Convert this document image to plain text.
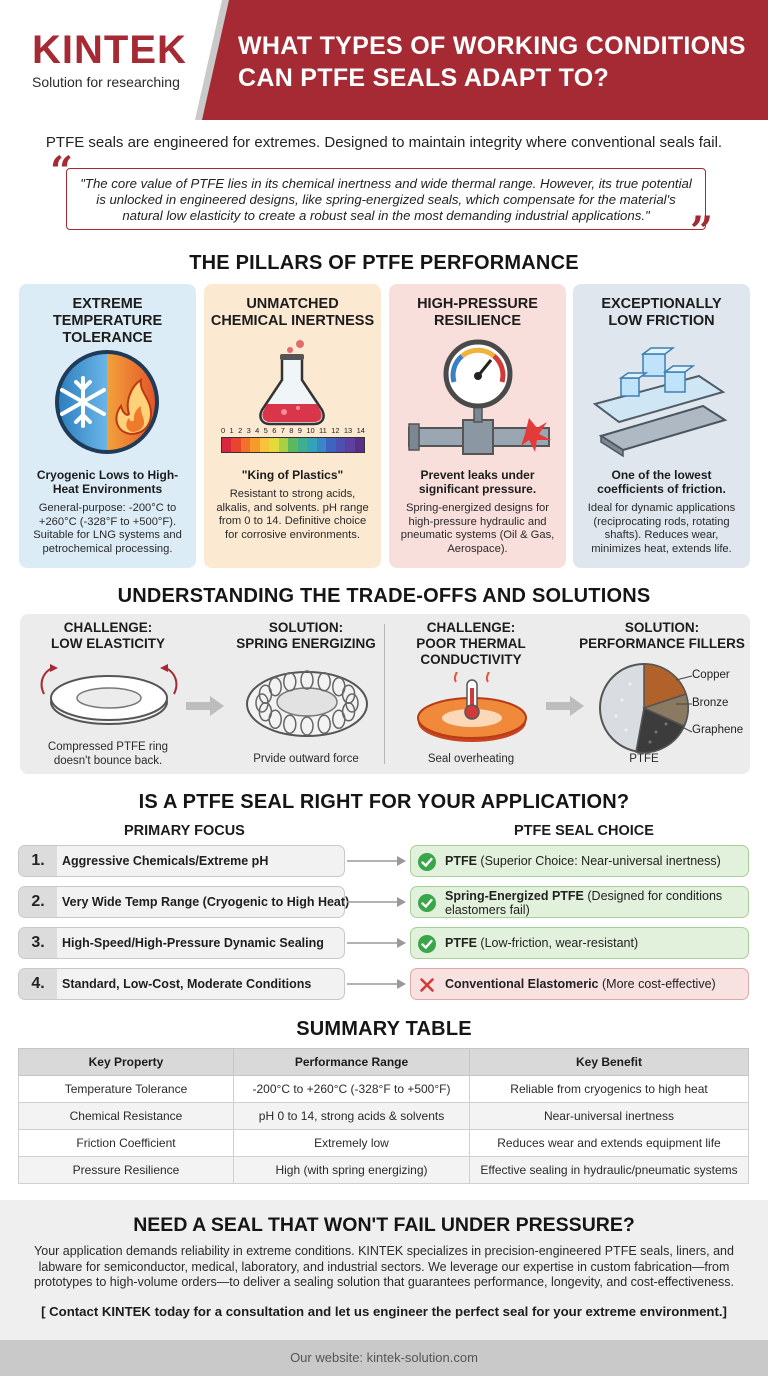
KINTEK
Solution for researching
WHAT TYPES OF WORKING CONDITIONS
CAN PTFE SEALS ADAPT TO?
PTFE seals are engineered for extremes. Designed to maintain integrity where conventional seals fail.
“
”
"The core value of PTFE lies in its chemical inertness and wide thermal range. However, its true potential
is unlocked in engineered designs, like spring-energized seals, which compensate for the material's
natural low elasticity to create a robust seal in the most demanding industrial applications."
THE PILLARS OF PTFE PERFORMANCE
EXTREME TEMPERATURE
TOLERANCE
Cryogenic Lows to High-Heat Environments
General-purpose: -200°C to +260°C (-328°F to +500°F). Suitable for LNG systems and petrochemical processing.
UNMATCHED
CHEMICAL INERTNESS
0 1 2 3 4 5 6 7 8 9 10 11 12 13 14
"King of Plastics"
Resistant to strong acids, alkalis, and solvents. pH range from 0 to 14. Definitive choice for corrosive environments.
HIGH-PRESSURE
RESILIENCE
Prevent leaks under significant pressure.
Spring-energized designs for high-pressure hydraulic and pneumatic systems (Oil & Gas, Aerospace).
EXCEPTIONALLY
LOW FRICTION
One of the lowest coefficients of friction.
Ideal for dynamic applications (reciprocating rods, rotating shafts). Reduces wear, minimizes heat, extends life.
UNDERSTANDING THE TRADE-OFFS AND SOLUTIONS
CHALLENGE:
LOW ELASTICITY
Compressed PTFE ring
doesn't bounce back.
SOLUTION:
SPRING ENERGIZING
Prvide outward force
CHALLENGE:
POOR THERMAL
CONDUCTIVITY
Seal overheating
SOLUTION:
PERFORMANCE FILLERS
Copper
Bronze
Graphene
PTFE
IS A PTFE SEAL RIGHT FOR YOUR APPLICATION?
PRIMARY FOCUS	PTFE SEAL CHOICE
1.	Aggressive Chemicals/Extreme pH	PTFE (Superior Choice: Near-universal inertness)
2.	Very Wide Temp Range (Cryogenic to High Heat)	Spring-Energized PTFE (Designed for conditions elastomers fail)
3.	High-Speed/High-Pressure Dynamic Sealing	PTFE (Low-friction, wear-resistant)
4.	Standard, Low-Cost, Moderate Conditions	Conventional Elastomeric (More cost-effective)
SUMMARY TABLE
Key Property	Performance Range	Key Benefit
Temperature Tolerance	-200°C to +260°C (-328°F to +500°F)	Reliable from cryogenics to high heat
Chemical Resistance	pH 0 to 14, strong acids & solvents	Near-universal inertness
Friction Coefficient	Extremely low	Reduces wear and extends equipment life
Pressure Resilience	High (with spring energizing)	Effective sealing in hydraulic/pneumatic systems
NEED A SEAL THAT WON'T FAIL UNDER PRESSURE?
Your application demands reliability in extreme conditions. KINTEK specializes in precision-engineered PTFE seals, liners, and labware for semiconductor, medical, laboratory, and industrial sectors. We leverage our expertise in custom fabrication—from prototypes to high-volume orders—to deliver a sealing solution that guarantees performance, longevity, and cost-effectiveness.
[ Contact KINTEK today for a consultation and let us engineer the perfect seal for your extreme environment.]
Our website: kintek-solution.com
